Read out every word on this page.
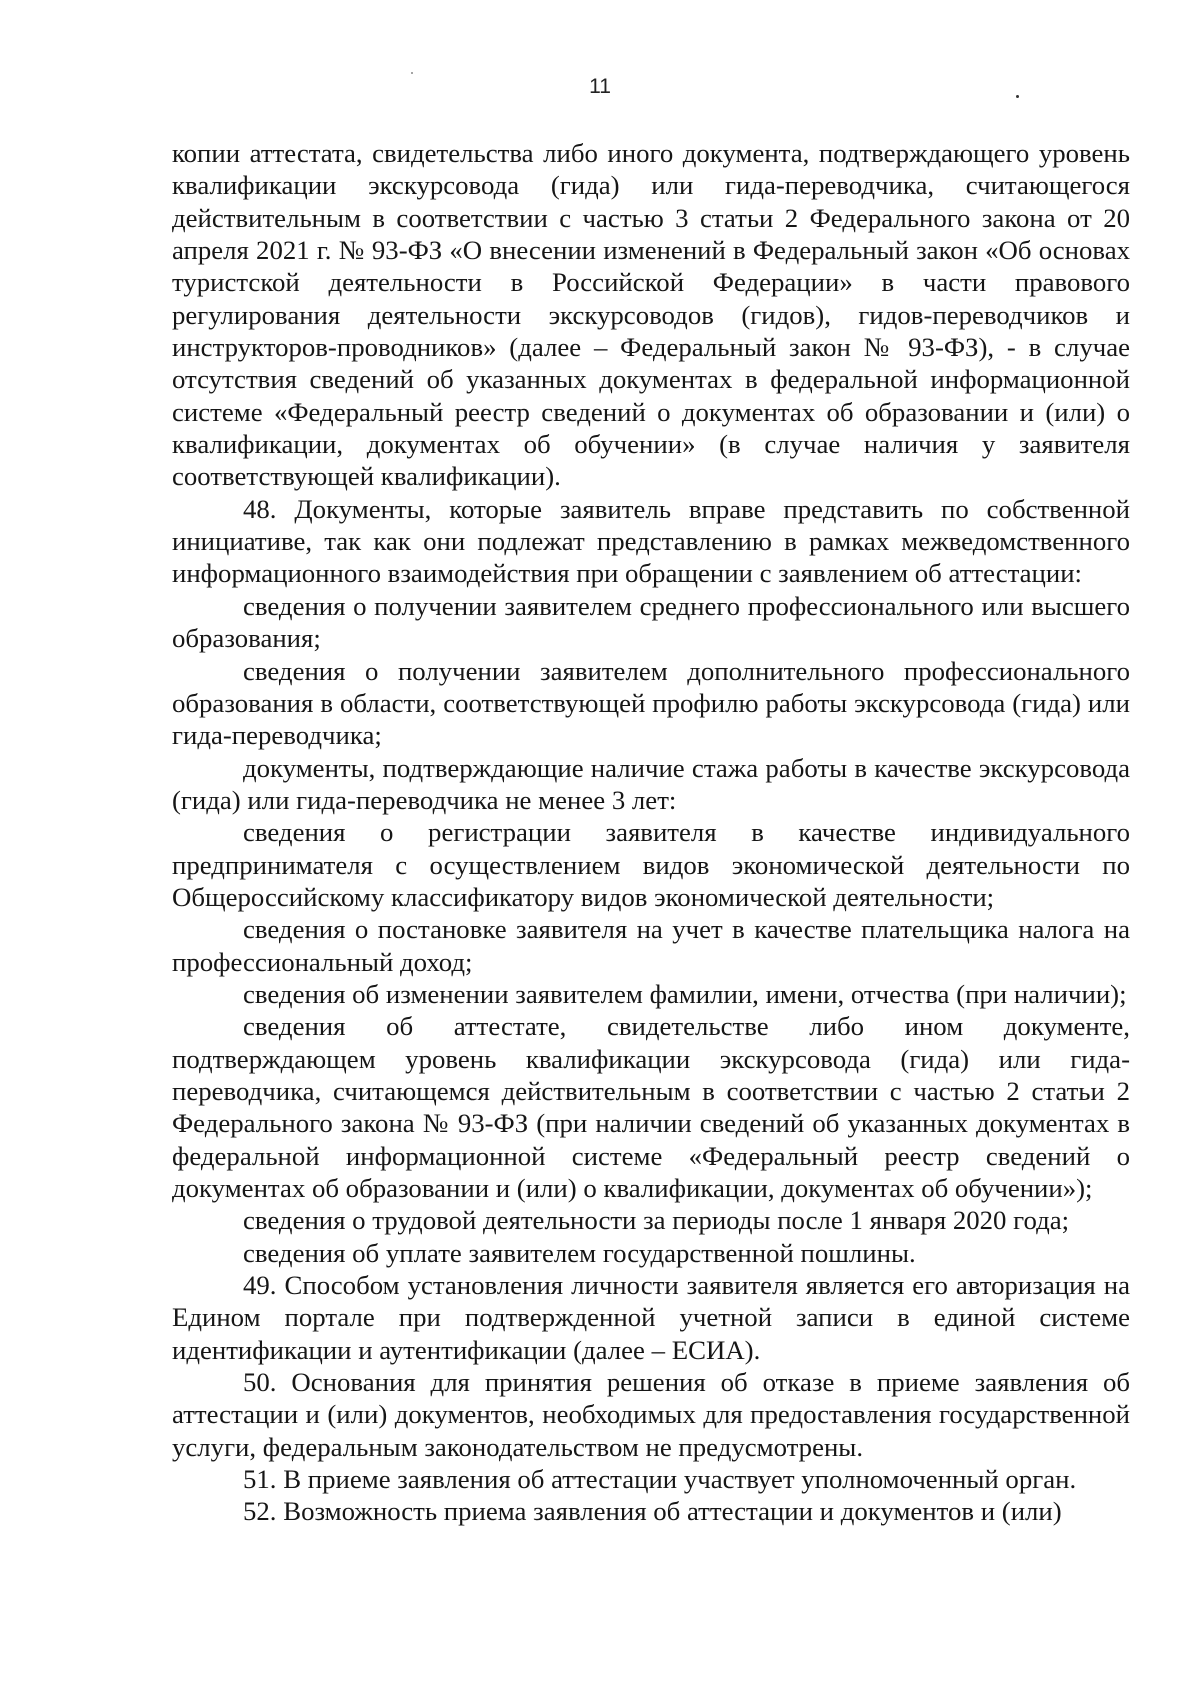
11

копии аттестата, свидетельства либо иного документа, подтверждающего уровень квалификации экскурсовода (гида) или гида-переводчика, считающегося действительным в соответствии с частью 3 статьи 2 Федерального закона от 20 апреля 2021 г. № 93-ФЗ «О внесении изменений в Федеральный закон «Об основах туристской деятельности в Российской Федерации» в части правового регулирования деятельности экскурсоводов (гидов), гидов-переводчиков и инструкторов-проводников» (далее – Федеральный закон № 93-ФЗ), - в случае отсутствия сведений об указанных документах в федеральной информационной системе «Федеральный реестр сведений о документах об образовании и (или) о квалификации, документах об обучении» (в случае наличия у заявителя соответствующей квалификации).

48. Документы, которые заявитель вправе представить по собственной инициативе, так как они подлежат представлению в рамках межведомственного информационного взаимодействия при обращении с заявлением об аттестации:

сведения о получении заявителем среднего профессионального или высшего образования;

сведения о получении заявителем дополнительного профессионального образования в области, соответствующей профилю работы экскурсовода (гида) или гида-переводчика;

документы, подтверждающие наличие стажа работы в качестве экскурсовода (гида) или гида-переводчика не менее 3 лет:

сведения о регистрации заявителя в качестве индивидуального предпринимателя с осуществлением видов экономической деятельности по Общероссийскому классификатору видов экономической деятельности;

сведения о постановке заявителя на учет в качестве плательщика налога на профессиональный доход;

сведения об изменении заявителем фамилии, имени, отчества (при наличии);

сведения об аттестате, свидетельстве либо ином документе, подтверждающем уровень квалификации экскурсовода (гида) или гида-переводчика, считающемся действительным в соответствии с частью 2 статьи 2 Федерального закона № 93-ФЗ (при наличии сведений об указанных документах в федеральной информационной системе «Федеральный реестр сведений о документах об образовании и (или) о квалификации, документах об обучении»);

сведения о трудовой деятельности за периоды после 1 января 2020 года;

сведения об уплате заявителем государственной пошлины.

49. Способом установления личности заявителя является его авторизация на Едином портале при подтвержденной учетной записи в единой системе идентификации и аутентификации (далее – ЕСИА).

50. Основания для принятия решения об отказе в приеме заявления об аттестации и (или) документов, необходимых для предоставления государственной услуги, федеральным законодательством не предусмотрены.

51. В приеме заявления об аттестации участвует уполномоченный орган.

52. Возможность приема заявления об аттестации и документов и (или)
